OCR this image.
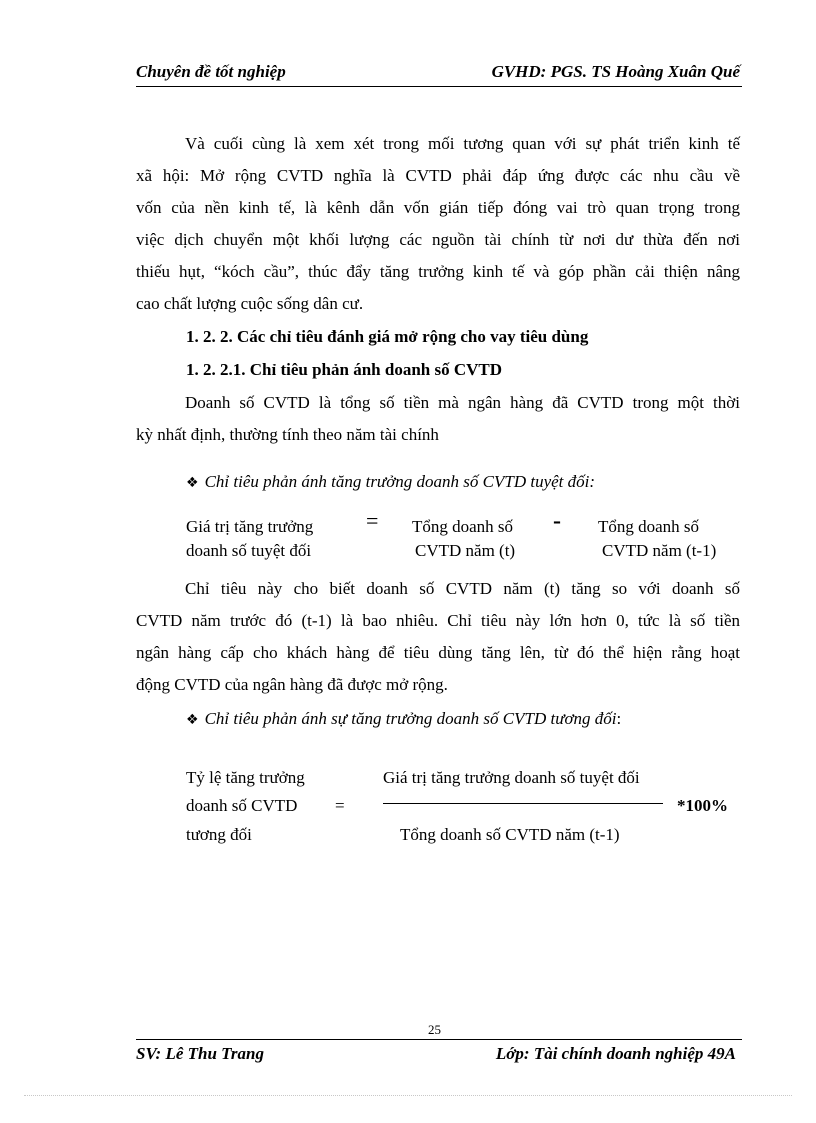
Chuyên đề tốt nghiệp	GVHD: PGS. TS Hoàng Xuân Quế
Và cuối cùng là xem xét trong mối tương quan với sự phát triển kinh tế
xã hội: Mở rộng CVTD nghĩa là CVTD phải đáp ứng được các nhu cầu về
vốn của nền kinh tế, là kênh dẫn vốn gián tiếp đóng vai trò quan trọng trong
việc dịch chuyển một khối lượng các nguồn tài chính từ nơi dư thừa đến nơi
thiếu hụt, “kóch cầu”, thúc đẩy tăng trưởng kinh tế và góp phần cải thiện nâng
cao chất lượng cuộc sống dân cư.
1. 2. 2. Các chỉ tiêu đánh giá mở rộng cho vay tiêu dùng
1. 2. 2.1. Chỉ tiêu phản ánh doanh số CVTD
Doanh số CVTD là tổng số tiền mà ngân hàng đã CVTD trong một thời
kỳ nhất định, thường tính theo năm tài chính
❖ Chỉ tiêu phản ánh tăng trưởng doanh số CVTD tuyệt đối:
Giá trị tăng trưởng
doanh số tuyệt đối
= Tổng doanh số
CVTD năm (t)
- Tổng doanh số
CVTD năm (t-1)
Chỉ tiêu này cho biết doanh số CVTD năm (t) tăng so với doanh số
CVTD năm trước đó (t-1) là bao nhiêu. Chỉ tiêu này lớn hơn 0, tức là số tiền
ngân hàng cấp cho khách hàng để tiêu dùng tăng lên, từ đó thể hiện rằng hoạt
động CVTD của ngân hàng đã được mở rộng.
❖ Chỉ tiêu phản ánh sự tăng trưởng doanh số CVTD tương đối:
Tỷ lệ tăng trưởng
doanh số CVTD
tương đối
=
Giá trị tăng trưởng doanh số tuyệt đối
Tổng doanh số CVTD năm (t-1)
*100%
25
SV: Lê Thu Trang	Lớp: Tài chính doanh nghiệp 49A
